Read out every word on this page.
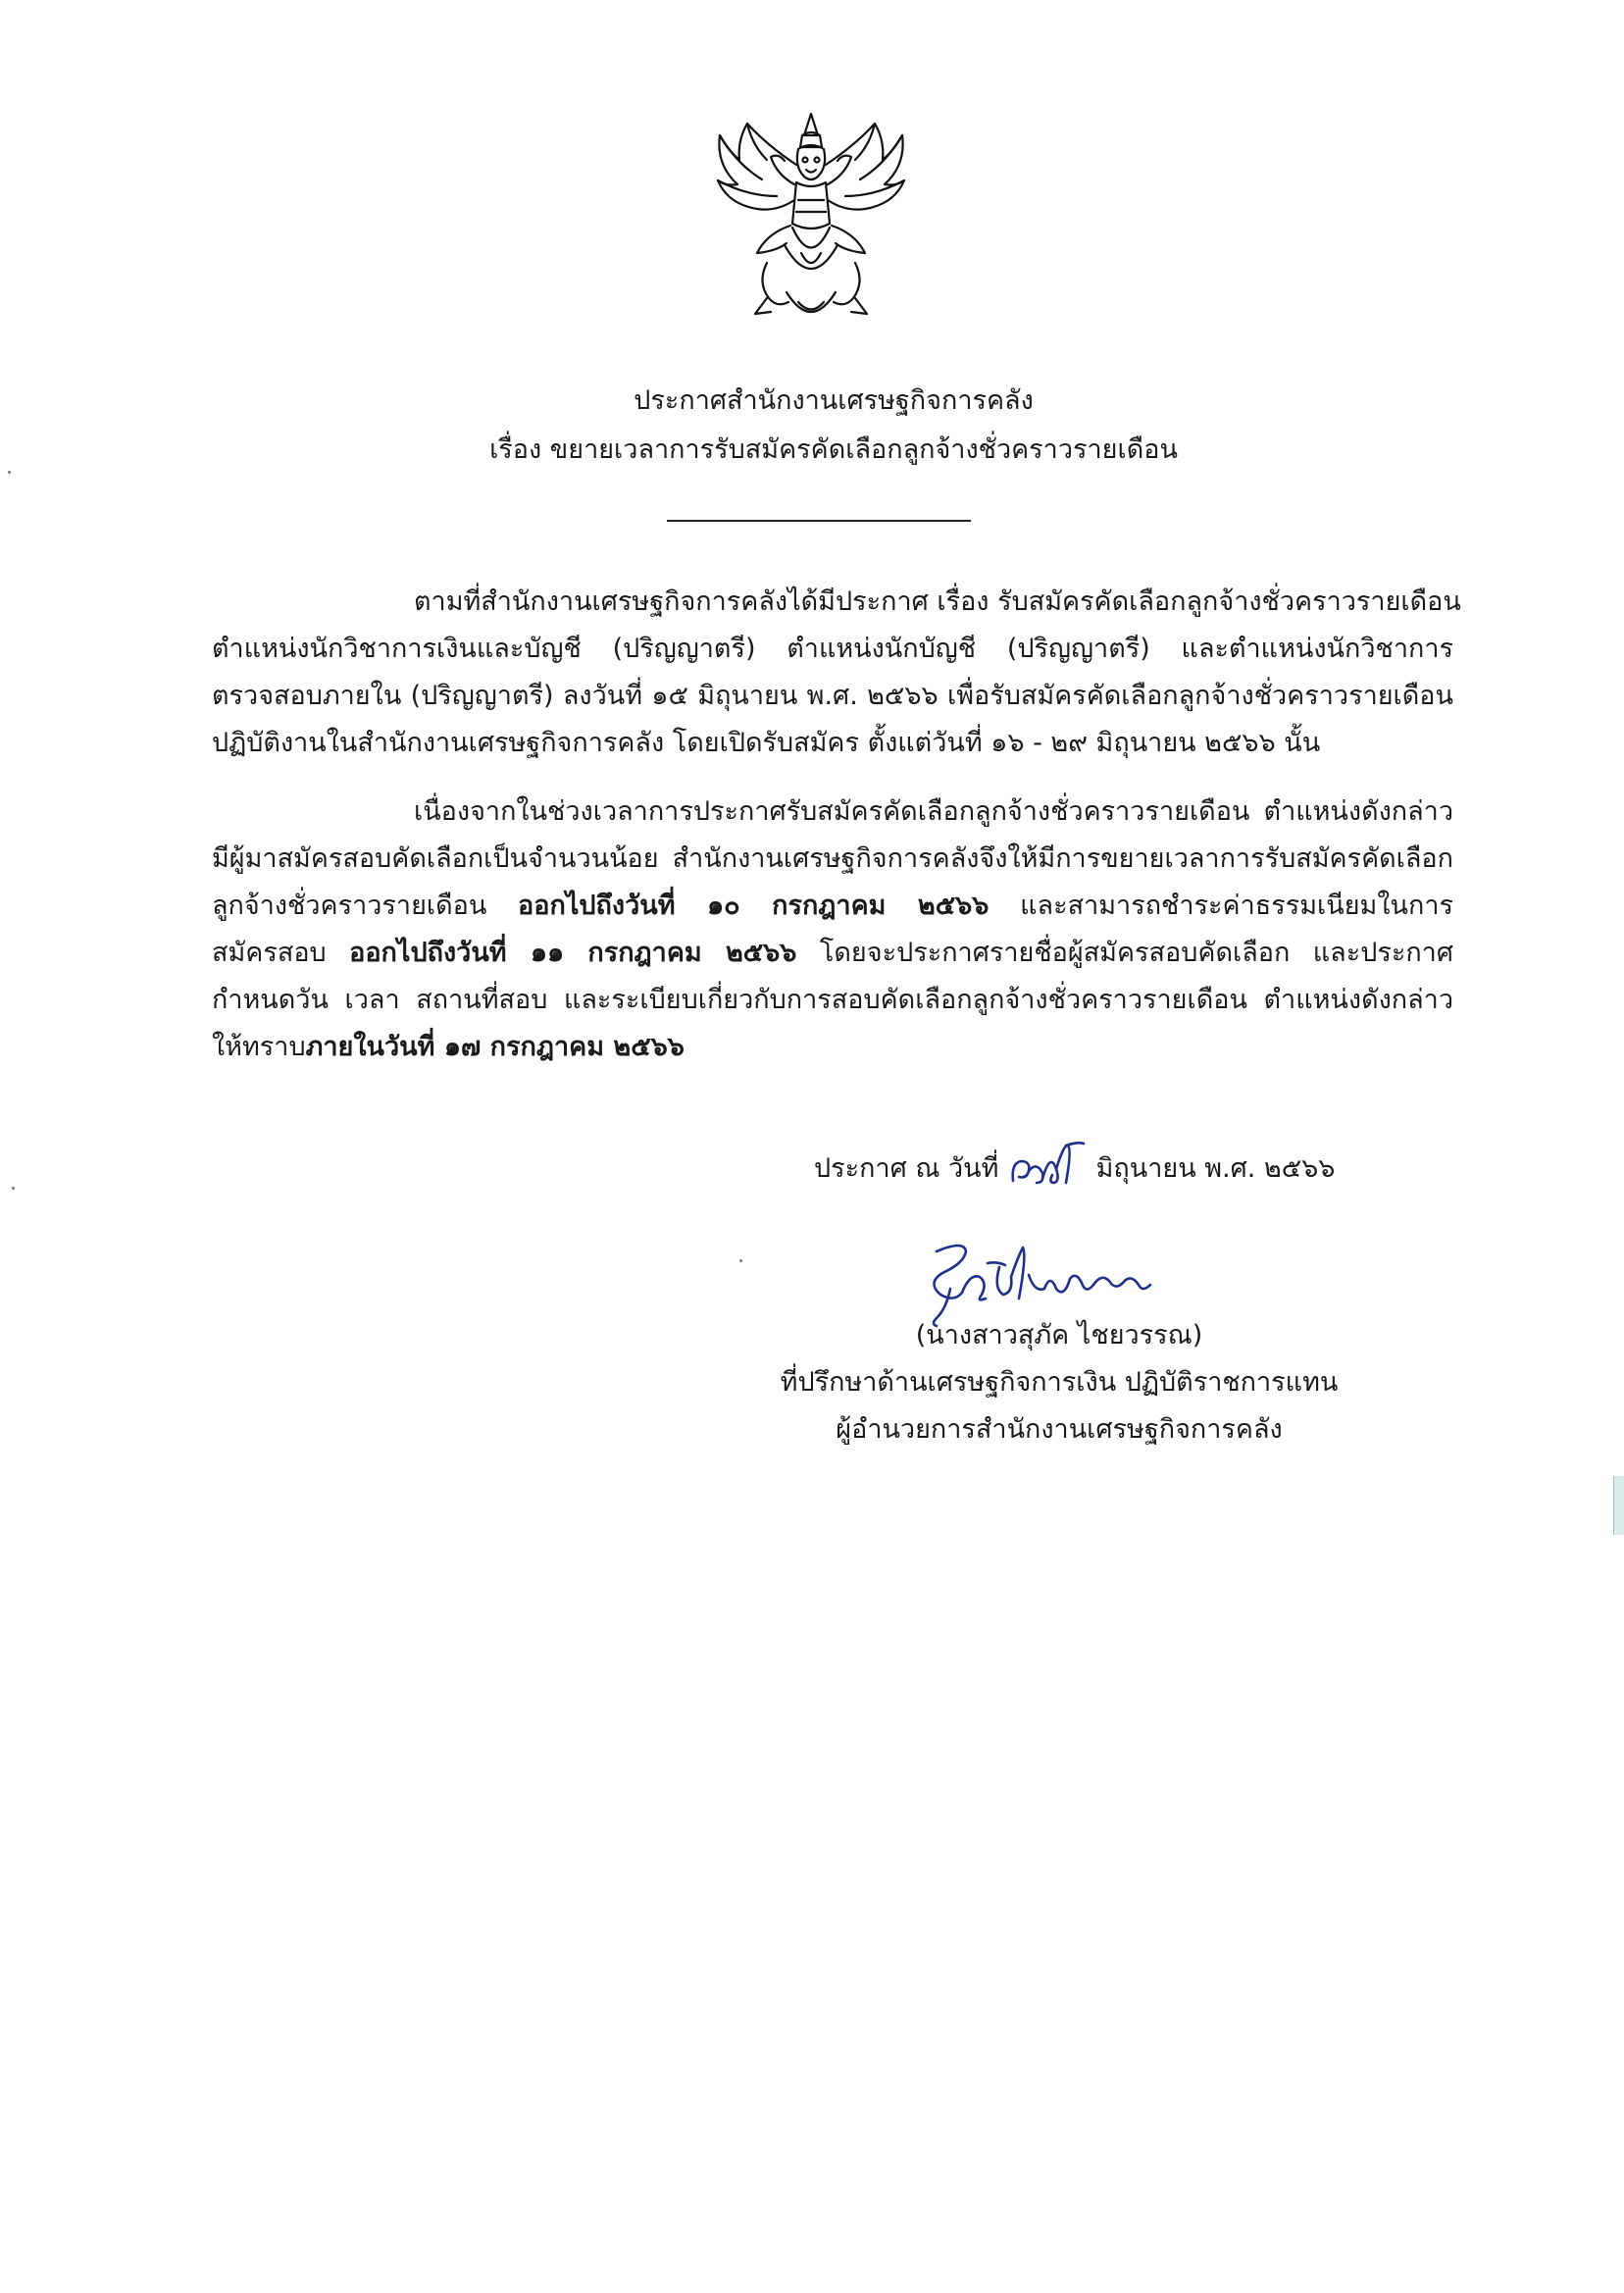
ประกาศสำนักงานเศรษฐกิจการคลัง
เรื่อง ขยายเวลาการรับสมัครคัดเลือกลูกจ้างชั่วคราวรายเดือน
ตามที่สำนักงานเศรษฐกิจการคลังได้มีประกาศ เรื่อง รับสมัครคัดเลือกลูกจ้างชั่วคราวรายเดือน
ตำแหน่งนักวิชาการเงินและบัญชี (ปริญญาตรี) ตำแหน่งนักบัญชี (ปริญญาตรี) และตำแหน่งนักวิชาการ
ตรวจสอบภายใน (ปริญญาตรี) ลงวันที่ ๑๕ มิถุนายน พ.ศ. ๒๕๖๖ เพื่อรับสมัครคัดเลือกลูกจ้างชั่วคราวรายเดือน
ปฏิบัติงานในสำนักงานเศรษฐกิจการคลัง โดยเปิดรับสมัคร ตั้งแต่วันที่ ๑๖ - ๒๙ มิถุนายน ๒๕๖๖ นั้น
เนื่องจากในช่วงเวลาการประกาศรับสมัครคัดเลือกลูกจ้างชั่วคราวรายเดือน ตำแหน่งดังกล่าว
มีผู้มาสมัครสอบคัดเลือกเป็นจำนวนน้อย สำนักงานเศรษฐกิจการคลังจึงให้มีการขยายเวลาการรับสมัครคัดเลือก
ลูกจ้างชั่วคราวรายเดือน ออกไปถึงวันที่ ๑๐ กรกฎาคม ๒๕๖๖ และสามารถชำระค่าธรรมเนียมในการ
สมัครสอบ ออกไปถึงวันที่ ๑๑ กรกฎาคม ๒๕๖๖ โดยจะประกาศรายชื่อผู้สมัครสอบคัดเลือก และประกาศ
กำหนดวัน เวลา สถานที่สอบ และระเบียบเกี่ยวกับการสอบคัดเลือกลูกจ้างชั่วคราวรายเดือน ตำแหน่งดังกล่าว
ให้ทราบภายในวันที่ ๑๗ กรกฎาคม ๒๕๖๖
ประกาศ ณ วันที่	มิถุนายน พ.ศ. ๒๕๖๖
(นางสาวสุภัค ไชยวรรณ)
ที่ปรึกษาด้านเศรษฐกิจการเงิน ปฏิบัติราชการแทน
ผู้อำนวยการสำนักงานเศรษฐกิจการคลัง
